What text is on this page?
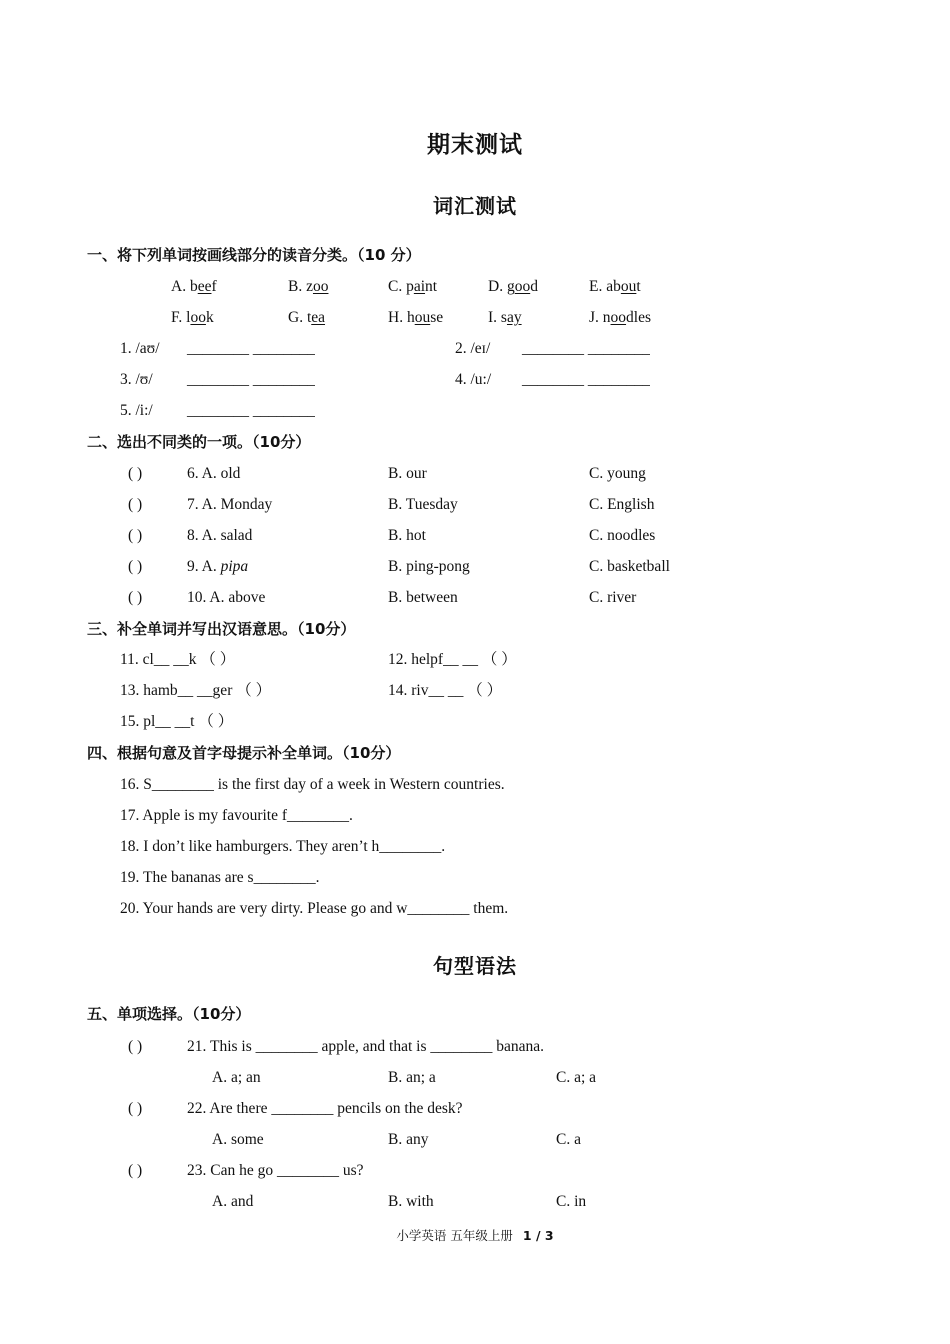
期末测试
词汇测试
一、将下列单词按画线部分的读音分类。（10 分）
A. beef	B. zoo	C. paint	D. good	E. about
F. look	G. tea	H. house	I. say	J. noodles
1. /aʊ/ ________ ________	2. /eɪ/ ________ ________
3. /ʊ/ ________ ________	4. /u:/ ________ ________
5. /i:/ ________ ________
二、选出不同类的一项。（10分）
( )	6. A. old	B. our	C. young
( )	7. A. Monday	B. Tuesday	C. English
( )	8. A. salad	B. hot	C. noodles
( )	9. A. pipa	B. ping-pong	C. basketball
( )	10. A. above	B. between	C. river
三、补全单词并写出汉语意思。（10分）
11. cl__ __k （ ）	12. helpf__ __ （ ）
13. hamb__ __ger （ ）	14. riv__ __ （ ）
15. pl__ __t （ ）
四、根据句意及首字母提示补全单词。（10分）
16. S________ is the first day of a week in Western countries.
17. Apple is my favourite f________.
18. I don’t like hamburgers. They aren’t h________.
19. The bananas are s________.
20. Your hands are very dirty. Please go and w________ them.
句型语法
五、单项选择。（10分）
( )	21. This is ________ apple, and that is ________ banana.
A. a; an	B. an; a	C. a; a
( )	22. Are there ________ pencils on the desk?
A. some	B. any	C. a
( )	23. Can he go ________ us?
A. and	B. with	C. in
小学英语 五年级上册 1 / 3
